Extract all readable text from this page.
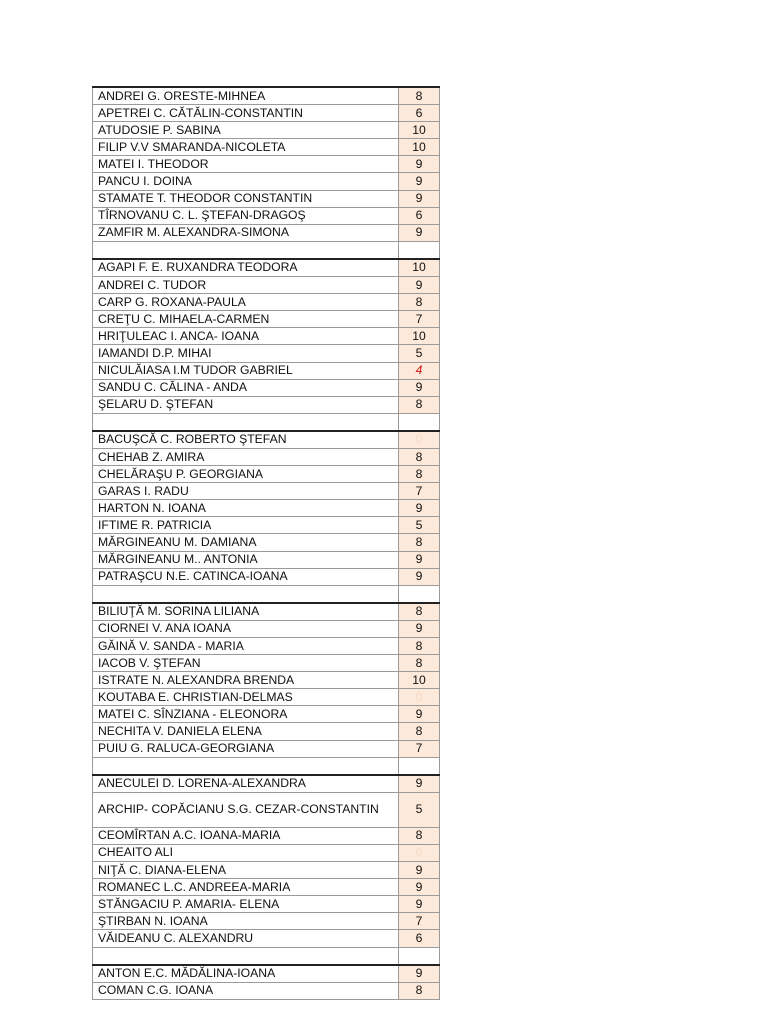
ANDREI G. ORESTE-MIHNEA	8
APETREI C. CĂTĂLIN-CONSTANTIN	6
ATUDOSIE P. SABINA	10
FILIP V.V SMARANDA-NICOLETA	10
MATEI I. THEODOR	9
PANCU I. DOINA	9
STAMATE T. THEODOR CONSTANTIN	9
TÎRNOVANU C. L. ŞTEFAN-DRAGOŞ	6
ZAMFIR M. ALEXANDRA-SIMONA	9

AGAPI F. E. RUXANDRA TEODORA	10
ANDREI C. TUDOR	9
CARP G. ROXANA-PAULA	8
CREŢU C. MIHAELA-CARMEN	7
HRIŢULEAC I. ANCA- IOANA	10
IAMANDI D.P. MIHAI	5
NICULĂIASA I.M TUDOR GABRIEL	4
SANDU C. CĂLINA - ANDA	9
ŞELARU D. ŞTEFAN	8

BACUŞCĂ C. ROBERTO ŞTEFAN	0
CHEHAB Z. AMIRA	8
CHELĂRAŞU P. GEORGIANA	8
GARAS I. RADU	7
HARTON N. IOANA	9
IFTIME R. PATRICIA	5
MĂRGINEANU M. DAMIANA	8
MĂRGINEANU M.. ANTONIA	9
PATRAŞCU N.E. CATINCA-IOANA	9

BILIUŢĂ M. SORINA LILIANA	8
CIORNEI V. ANA IOANA	9
GĂINĂ V. SANDA - MARIA	8
IACOB V. ŞTEFAN	8
ISTRATE N. ALEXANDRA BRENDA	10
KOUTABA E. CHRISTIAN-DELMAS	0
MATEI C. SÎNZIANA - ELEONORA	9
NECHITA V. DANIELA ELENA	8
PUIU G. RALUCA-GEORGIANA	7

ANECULEI D. LORENA-ALEXANDRA	9
ARCHIP- COPĂCIANU S.G. CEZAR-CONSTANTIN	5
CEOMÎRTAN A.C. IOANA-MARIA	8
CHEAITO ALI	0
NIŢĂ C. DIANA-ELENA	9
ROMANEC L.C. ANDREEA-MARIA	9
STĂNGACIU P. AMARIA- ELENA	9
ŞTIRBAN N. IOANA	7
VĂIDEANU C. ALEXANDRU	6

ANTON E.C. MĂDĂLINA-IOANA	9
COMAN C.G. IOANA	8
